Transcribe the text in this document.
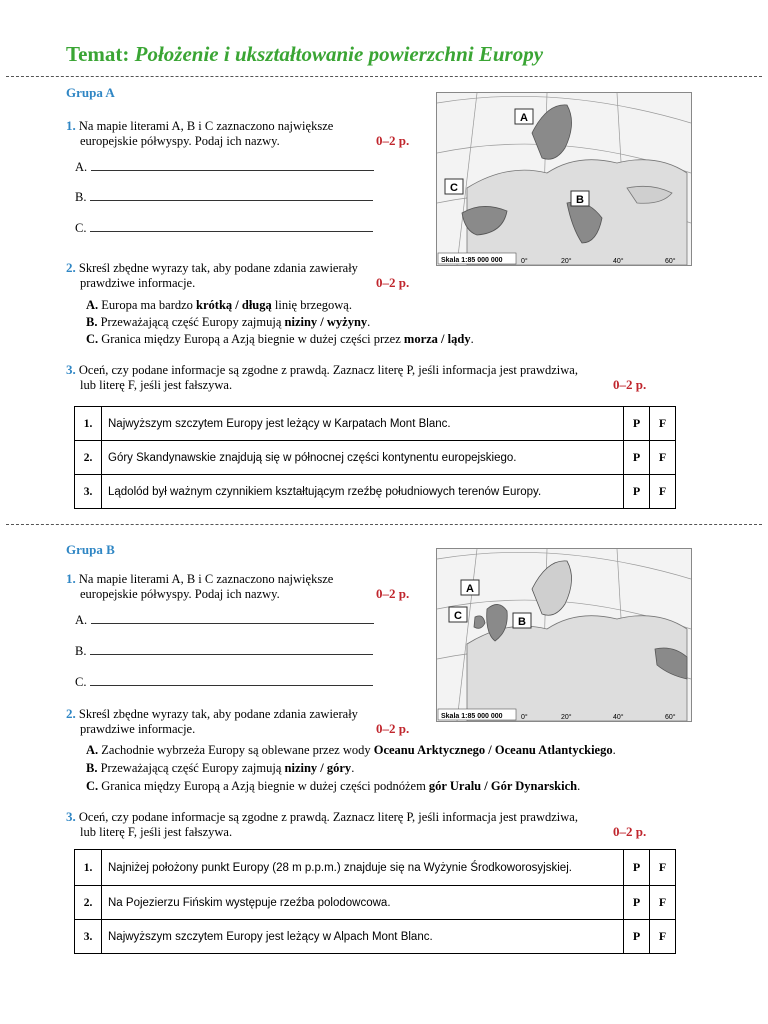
Temat: Położenie i ukształtowanie powierzchni Europy
Grupa A
1. Na mapie literami A, B i C zaznaczono największe
europejskie półwyspy. Podaj ich nazwy.	0–2 p.
A.
B.
C.
2. Skreśl zbędne wyrazy tak, aby podane zdania zawierały
prawdziwe informacje.	0–2 p.
A. Europa ma bardzo krótką / długą linię brzegową.
B. Przeważającą część Europy zajmują niziny / wyżyny.
C. Granica między Europą a Azją biegnie w dużej części przez morza / lądy.
3. Oceń, czy podane informacje są zgodne z prawdą. Zaznacz literę P, jeśli informacja jest prawdziwa,
lub literę F, jeśli jest fałszywa.	0–2 p.
1.	Najwyższym szczytem Europy jest leżący w Karpatach Mont Blanc.	P	F
2.	Góry Skandynawskie znajdują się w północnej części kontynentu europejskiego.	P	F
3.	Lądolód był ważnym czynnikiem kształtującym rzeźbę południowych terenów Europy.	P	F
A
B
C
Skala 1:85 000 000	0°	20°	40°	60°
Grupa B
1. Na mapie literami A, B i C zaznaczono największe
europejskie półwyspy. Podaj ich nazwy.	0–2 p.
A.
B.
C.
2. Skreśl zbędne wyrazy tak, aby podane zdania zawierały
prawdziwe informacje.	0–2 p.
A. Zachodnie wybrzeża Europy są oblewane przez wody Oceanu Arktycznego / Oceanu Atlantyckiego.
B. Przeważającą część Europy zajmują niziny / góry.
C. Granica między Europą a Azją biegnie w dużej części podnóżem gór Uralu / Gór Dynarskich.
3. Oceń, czy podane informacje są zgodne z prawdą. Zaznacz literę P, jeśli informacja jest prawdziwa,
lub literę F, jeśli jest fałszywa.	0–2 p.
1.	Najniżej położony punkt Europy (28 m p.p.m.) znajduje się na Wyżynie Środkoworosyjskiej.	P	F
2.	Na Pojezierzu Fińskim występuje rzeźba polodowcowa.	P	F
3.	Najwyższym szczytem Europy jest leżący w Alpach Mont Blanc.	P	F
A
B
C
Skala 1:85 000 000	0°	20°	40°	60°
